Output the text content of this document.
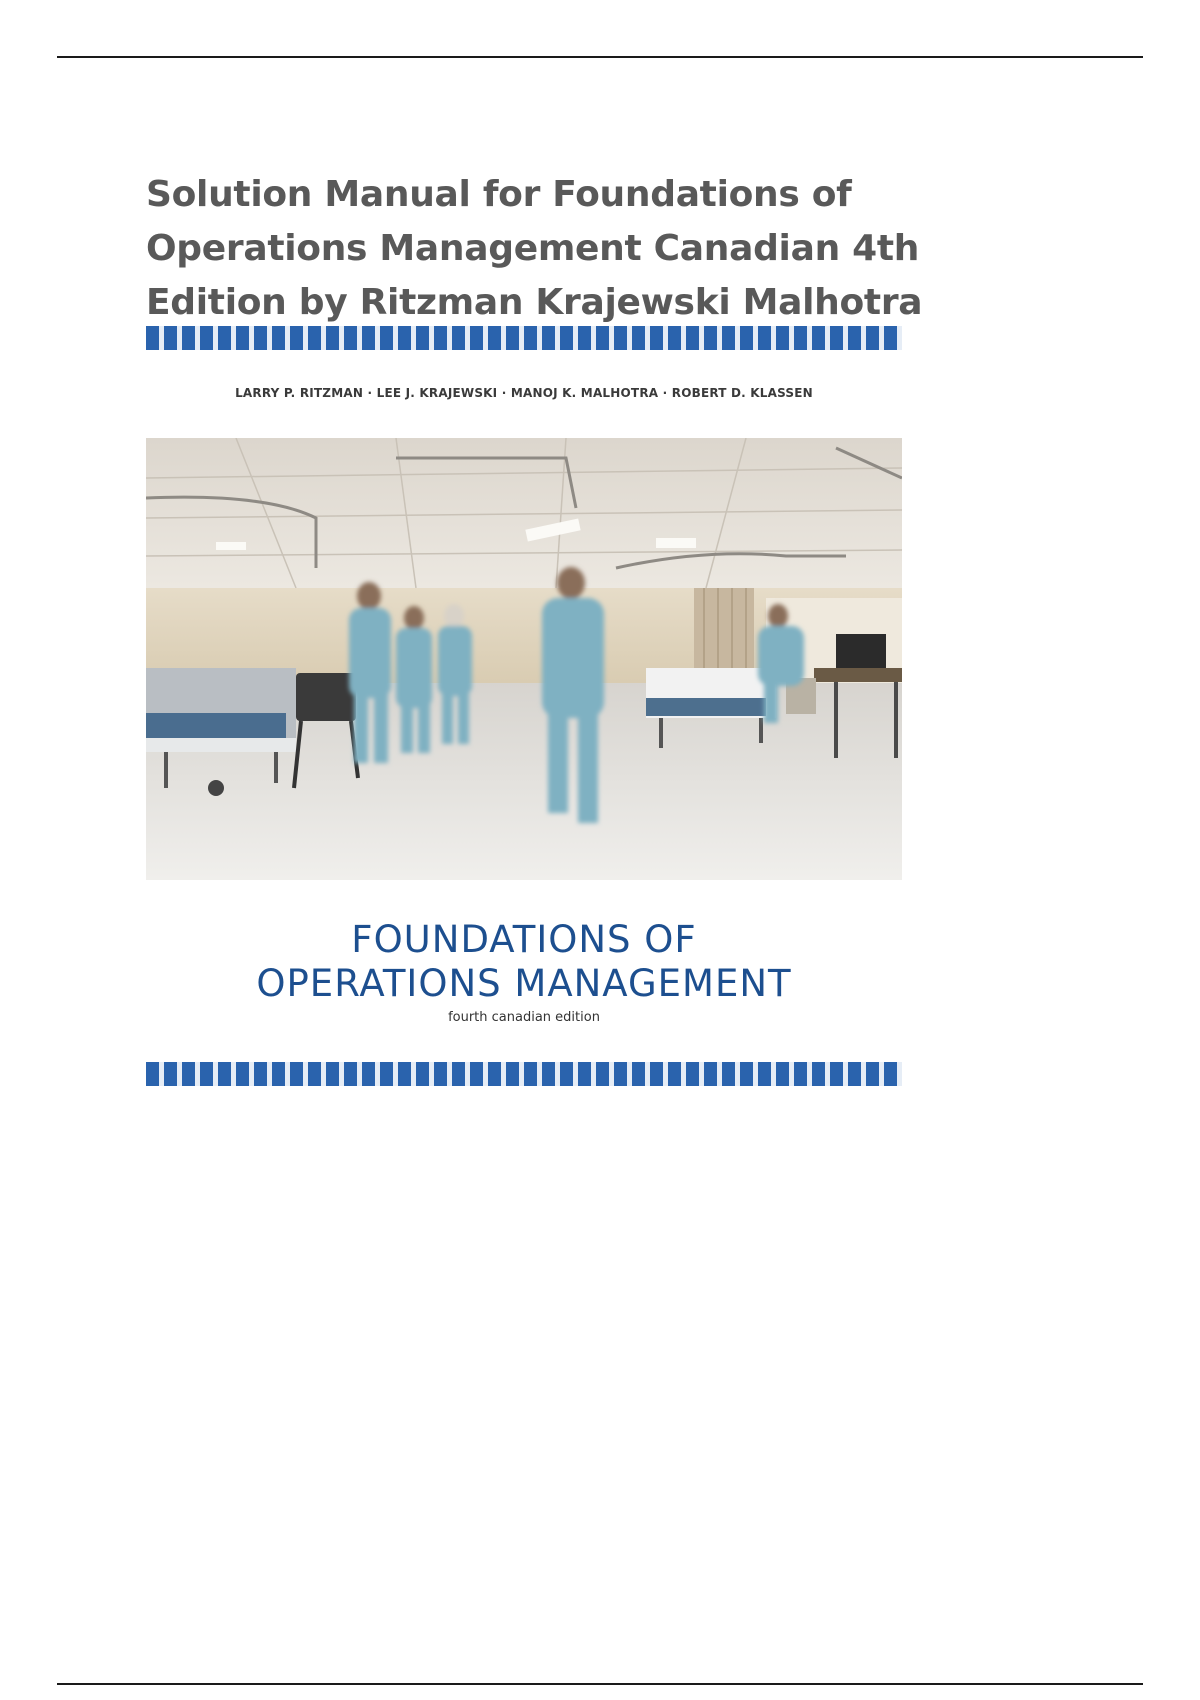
Solution Manual for Foundations of Operations Management Canadian 4th Edition by Ritzman Krajewski Malhotra
LARRY P. RITZMAN · LEE J. KRAJEWSKI · MANOJ K. MALHOTRA · ROBERT D. KLASSEN
FOUNDATIONS OF
OPERATIONS MANAGEMENT
fourth canadian edition
